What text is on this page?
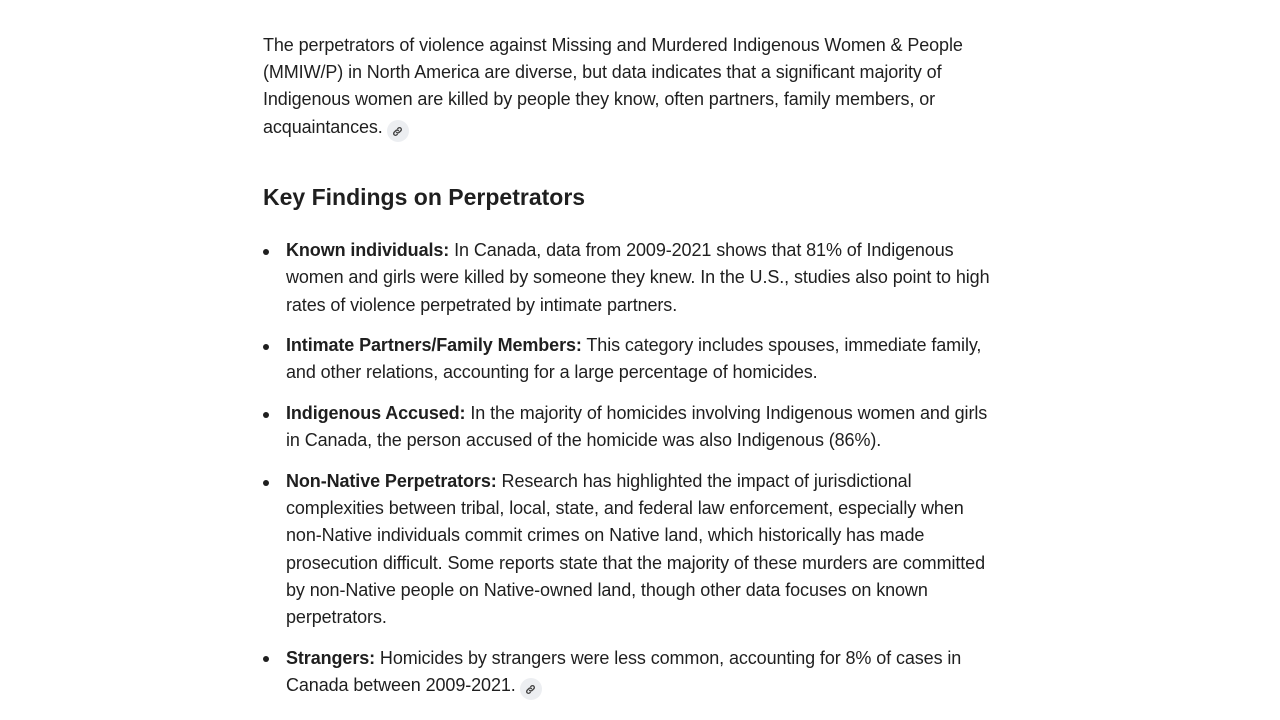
The perpetrators of violence against Missing and Murdered Indigenous Women & People (MMIW/P) in North America are diverse, but data indicates that a significant majority of Indigenous women are killed by people they know, often partners, family members, or acquaintances.

Key Findings on Perpetrators
Known individuals: In Canada, data from 2009-2021 shows that 81% of Indigenous women and girls were killed by someone they knew. In the U.S., studies also point to high rates of violence perpetrated by intimate partners.
Intimate Partners/Family Members: This category includes spouses, immediate family, and other relations, accounting for a large percentage of homicides.
Indigenous Accused: In the majority of homicides involving Indigenous women and girls in Canada, the person accused of the homicide was also Indigenous (86%).
Non-Native Perpetrators: Research has highlighted the impact of jurisdictional complexities between tribal, local, state, and federal law enforcement, especially when non-Native individuals commit crimes on Native land, which historically has made prosecution difficult. Some reports state that the majority of these murders are committed by non-Native people on Native-owned land, though other data focuses on known perpetrators.
Strangers: Homicides by strangers were less common, accounting for 8% of cases in Canada between 2009-2021.
